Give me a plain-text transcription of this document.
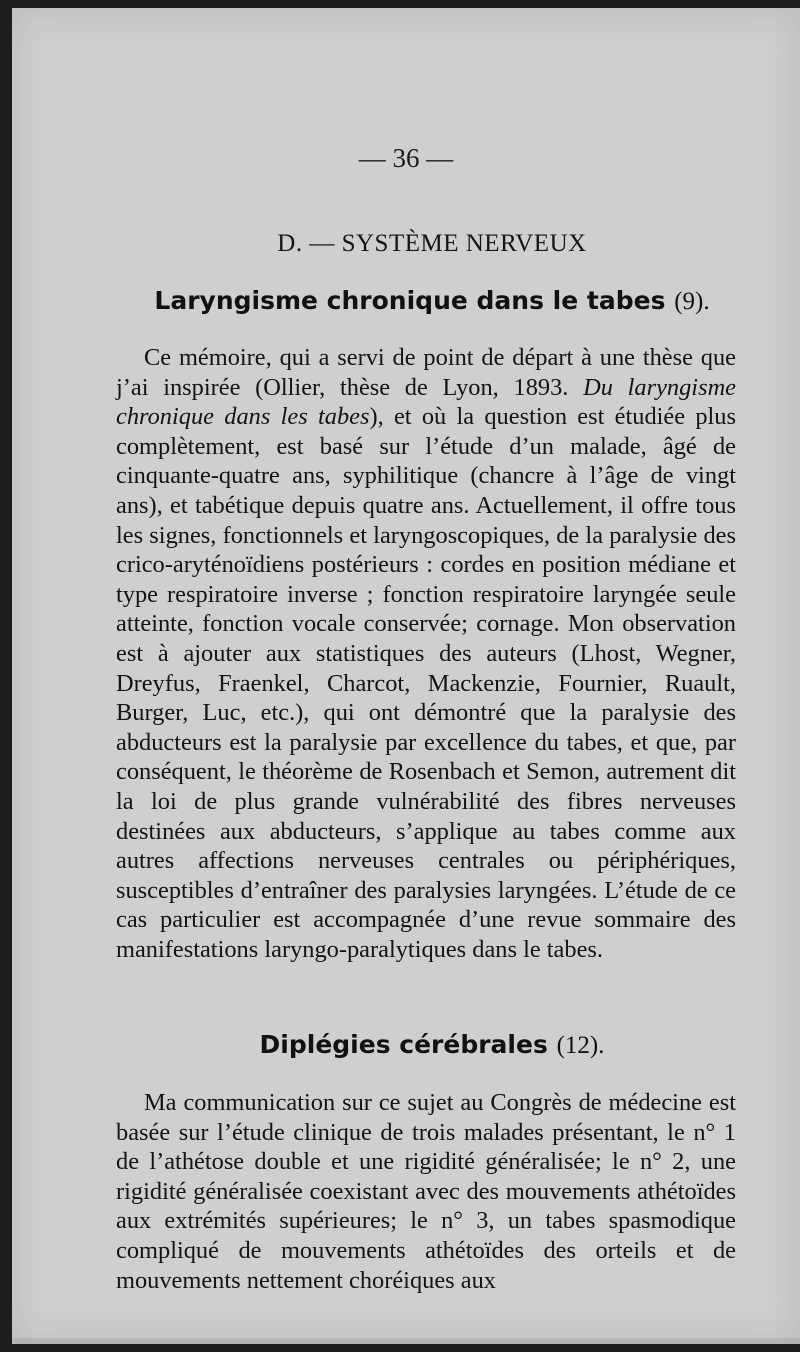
— 36 —
D. — SYSTÈME NERVEUX
Laryngisme chronique dans le tabes (9).
Ce mémoire, qui a servi de point de départ à une thèse que j’ai inspirée (Ollier, thèse de Lyon, 1893. Du laryngisme chronique dans les tabes), et où la question est étudiée plus complètement, est basé sur l’étude d’un malade, âgé de cinquante-quatre ans, syphilitique (chancre à l’âge de vingt ans), et tabétique depuis quatre ans. Actuellement, il offre tous les signes, fonctionnels et laryngoscopiques, de la paralysie des crico-aryténoïdiens postérieurs : cordes en position médiane et type respiratoire inverse ; fonction respiratoire laryngée seule atteinte, fonction vocale conservée; cornage. Mon observation est à ajouter aux statistiques des auteurs (Lhost, Wegner, Dreyfus, Fraenkel, Charcot, Mackenzie, Fournier, Ruault, Burger, Luc, etc.), qui ont démontré que la paralysie des abducteurs est la paralysie par excellence du tabes, et que, par conséquent, le théorème de Rosenbach et Semon, autrement dit la loi de plus grande vulnérabilité des fibres nerveuses destinées aux abducteurs, s’applique au tabes comme aux autres affections nerveuses centrales ou périphériques, susceptibles d’entraîner des paralysies laryngées. L’étude de ce cas particulier est accompagnée d’une revue sommaire des manifestations laryngo-paralytiques dans le tabes.
Diplégies cérébrales (12).
Ma communication sur ce sujet au Congrès de médecine est basée sur l’étude clinique de trois malades présentant, le n° 1 de l’athétose double et une rigidité généralisée; le n° 2, une rigidité généralisée coexistant avec des mouvements athétoïdes aux extrémités supérieures; le n° 3, un tabes spasmodique compliqué de mouvements athétoïdes des orteils et de mouvements nettement choréiques aux
